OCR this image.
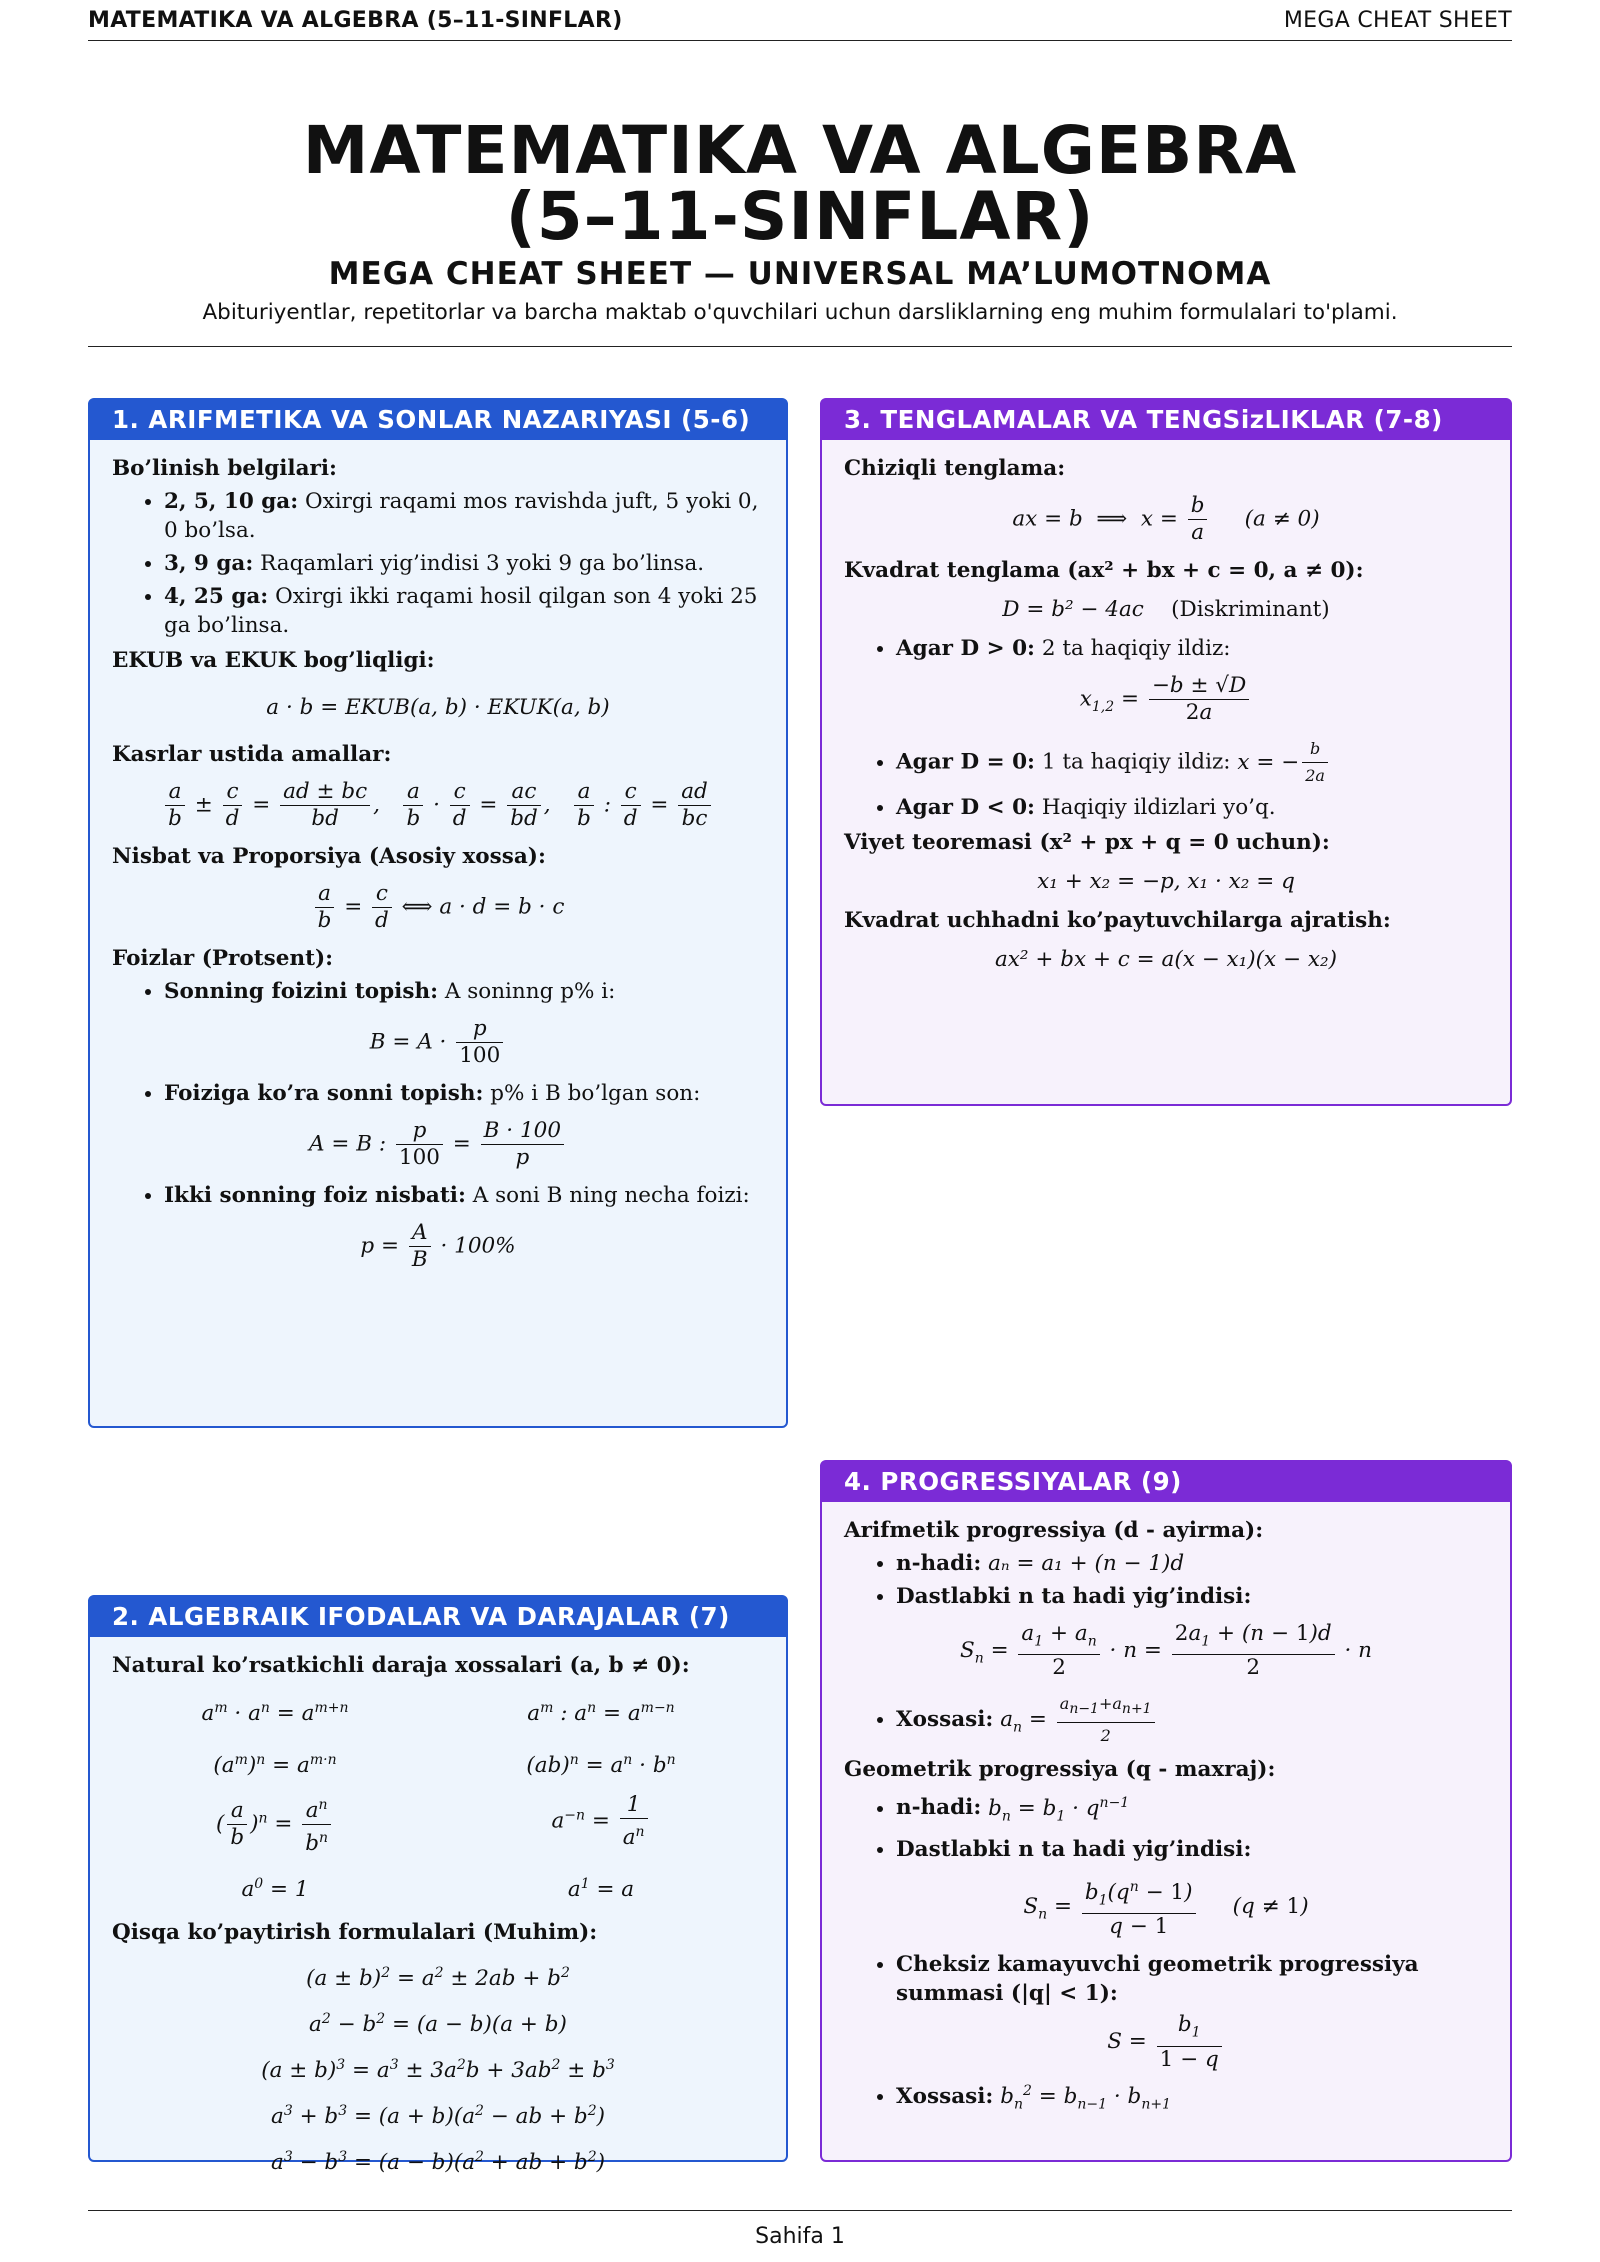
MATEMATIKA VA ALGEBRA (5–11-SINFLAR)	MEGA CHEAT SHEET
MATEMATIKA VA ALGEBRA
(5–11-SINFLAR)
MEGA CHEAT SHEET — UNIVERSAL MA’LUMOTNOMA
Abituriyentlar, repetitorlar va barcha maktab o'quvchilari uchun darsliklarning eng muhim formulalari to'plami.
1. ARIFMETIKA VA SONLAR NAZARIYASI (5-6)
Bo’linish belgilari:
• 2, 5, 10 ga: Oxirgi raqami mos ravishda juft, 5 yoki 0, 0 bo’lsa.
• 3, 9 ga: Raqamlari yig’indisi 3 yoki 9 ga bo’linsa.
• 4, 25 ga: Oxirgi ikki raqami hosil qilgan son 4 yoki 25 ga bo’linsa.
EKUB va EKUK bog’liqligi:
a · b = EKUB(a, b) · EKUK(a, b)
Kasrlar ustida amallar:
$\frac{a}{b} \pm \frac{c}{d} = \frac{ad \pm bc}{bd}$ , $\frac{a}{b} \cdot \frac{c}{d} = \frac{ac}{bd}$ , $\frac{a}{b}$ : $\frac{c}{d} = \frac{ad}{bc}$
Nisbat va Proporsiya (Asosiy xossa):
$\frac{a}{b} = \frac{c}{d}$ ⟺ a · d = b · c
Foizlar (Protsent):
• Sonning foizini topish: A soninng p% i:
$B = A \cdot \frac{p}{100}$
• Foiziga ko’ra sonni topish: p% i B bo’lgan son:
A = B : $\frac{p}{100} = \frac{B \cdot 100}{p}$
• Ikki sonning foiz nisbati: A soni B ning necha foizi:
$p = \frac{A}{B} \cdot 100\%$
2. ALGEBRAIK IFODALAR VA DARAJALAR (7)
Natural ko’rsatkichli daraja xossalari (a, b ≠ 0):
$a^m \cdot a^n = a^{m+n}$	$a^m$ : $a^n = a^{m-n}$
$(a^m)^n = a^{m\cdot n}$	$(ab)^n = a^n \cdot b^n$
( $\frac{a}{b} )^n = \frac{a^n}{b^n}$	$a^{-n} = \frac{1}{a^n}$
$a^0 = 1$	$a^1 = a$
Qisqa ko’paytirish formulalari (Muhim):
$(a \pm b)^2 = a^2 \pm 2ab + b^2$
$a^2 - b^2 = (a - b)(a + b)$
$(a \pm b)^3 = a^3 \pm 3a^2b + 3ab^2 \pm b^3$
$a^3 + b^3 = (a + b)(a^2$ − ab + $b^2$)
$a^3 - b^3 = (a - b)(a^2$ + ab + $b^2$)
3. TENGLAMALAR VA TENGSizLIKLAR (7-8)
Chiziqli tenglama:
ax = b  ⟹  $x = \frac{b}{a} (a \ne 0)$
Kvadrat tenglama (ax² + bx + c = 0, a ≠ 0):
D = b² − 4ac (Diskriminant)
• Agar D > 0: 2 ta haqiqiy ildiz:
$x_{1,2} = \frac{-b \pm √D}{2a}$
• Agar D = 0: 1 ta haqiqiy ildiz: x = − $\frac{b}{2a}$
• Agar D < 0: Haqiqiy ildizlari yo’q.
Viyet teoremasi (x² + px + q = 0 uchun):
x₁ + x₂ = −p, x₁ · x₂ = q
Kvadrat uchhadni ko’paytuvchilarga ajratish:
ax² + bx + c = a(x − x₁)(x − x₂)
4. PROGRESSIYALAR (9)
Arifmetik progressiya (d - ayirma):
• n-hadi: aₙ = a₁ + (n − 1)d
• Dastlabki n ta hadi yig’indisi:
$S_n = \frac{a_1 + a_n}{2} \cdot n = \frac{2a_1 + (n - 1)d}{2} \cdot n$
• Xossasi: $a_n = \frac{a_{n-1}+a_{n+1}}{2}$
Geometrik progressiya (q - maxraj):
• n-hadi: $b_n = b_1 \cdot q^{n-1}$
• Dastlabki n ta hadi yig’indisi:
$S_n = \frac{b_1(q^n - 1)}{q - 1} (q \ne 1)$
• Cheksiz kamayuvchi geometrik progressiya summasi (|q| < 1):
$S = \frac{b_1}{1 - q}$
• Xossasi: $b_n^2 = b_{n-1} \cdot b_{n+1}$
Sahifa 1
